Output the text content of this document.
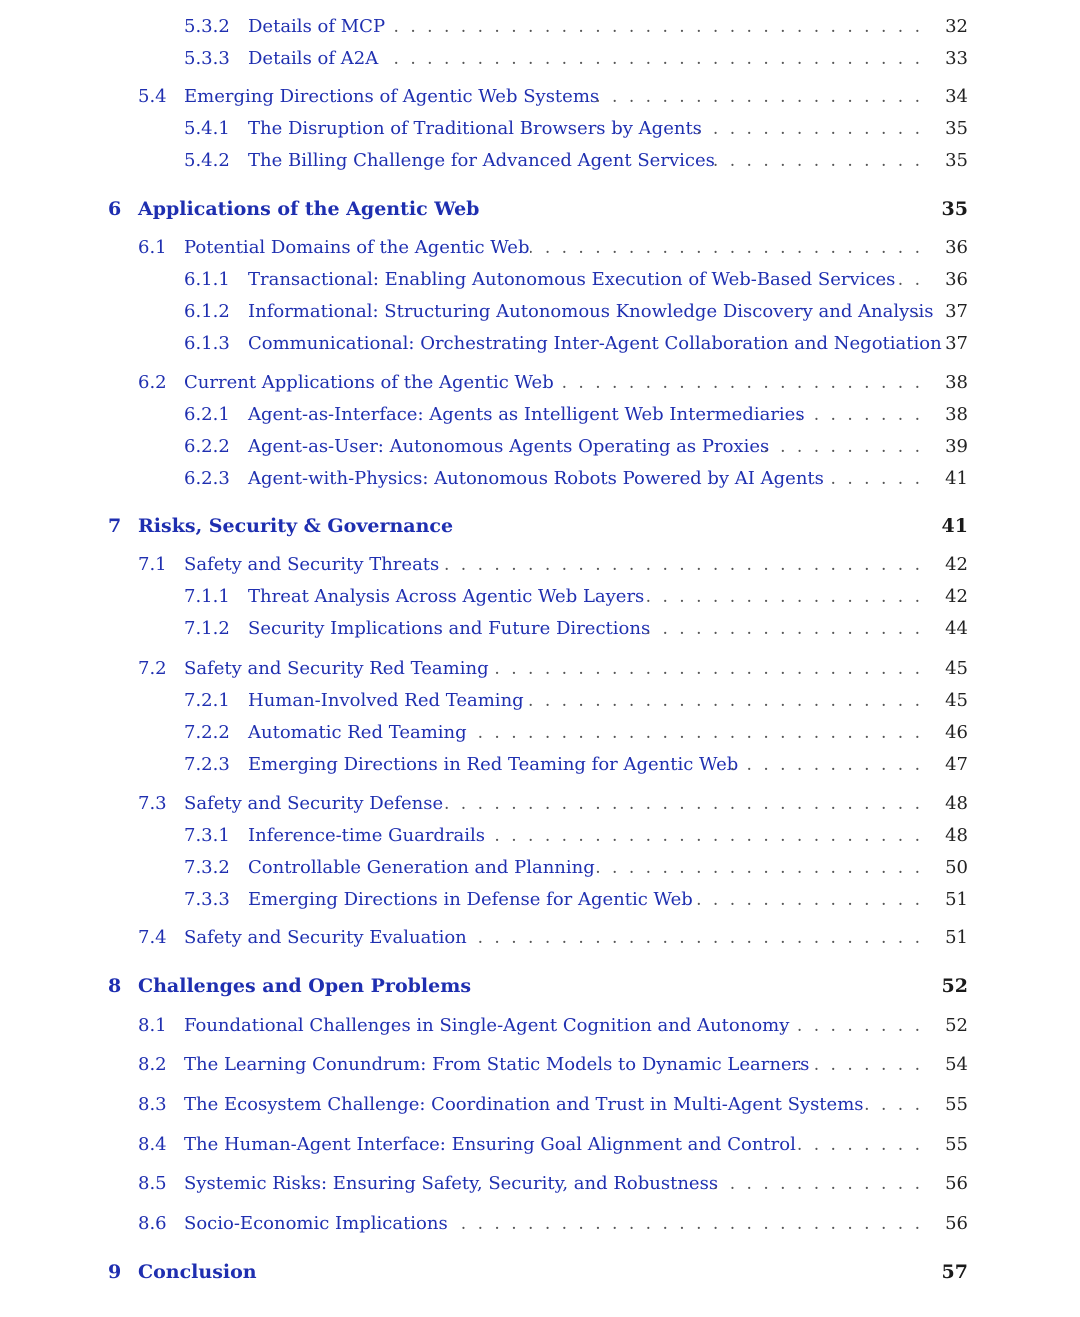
5.3.2 Details of MCP . . .	32
5.3.3 Details of A2A . . .	33
5.4 Emerging Directions of Agentic Web Systems . . .	34
5.4.1 The Disruption of Traditional Browsers by Agents . . .	35
5.4.2 The Billing Challenge for Advanced Agent Services . . .	35
6 Applications of the Agentic Web	35
6.1 Potential Domains of the Agentic Web . . .	36
6.1.1 Transactional: Enabling Autonomous Execution of Web-Based Services . . .	36
6.1.2 Informational: Structuring Autonomous Knowledge Discovery and Analysis . . . 37
6.1.3 Communicational: Orchestrating Inter-Agent Collaboration and Negotiation 37
6.2 Current Applications of the Agentic Web . . .	38
6.2.1 Agent-as-Interface: Agents as Intelligent Web Intermediaries . . .	38
6.2.2 Agent-as-User: Autonomous Agents Operating as Proxies . . .	39
6.2.3 Agent-with-Physics: Autonomous Robots Powered by AI Agents . . .	41
7 Risks, Security & Governance	41
7.1 Safety and Security Threats . . .	42
7.1.1 Threat Analysis Across Agentic Web Layers . . .	42
7.1.2 Security Implications and Future Directions . . .	44
7.2 Safety and Security Red Teaming . . .	45
7.2.1 Human-Involved Red Teaming . . .	45
7.2.2 Automatic Red Teaming . . .	46
7.2.3 Emerging Directions in Red Teaming for Agentic Web . . .	47
7.3 Safety and Security Defense . . .	48
7.3.1 Inference-time Guardrails . . .	48
7.3.2 Controllable Generation and Planning . . .	50
7.3.3 Emerging Directions in Defense for Agentic Web . . .	51
7.4 Safety and Security Evaluation . . .	51
8 Challenges and Open Problems	52
8.1 Foundational Challenges in Single-Agent Cognition and Autonomy . . .	52
8.2 The Learning Conundrum: From Static Models to Dynamic Learners . . .	54
8.3 The Ecosystem Challenge: Coordination and Trust in Multi-Agent Systems . . .	55
8.4 The Human-Agent Interface: Ensuring Goal Alignment and Control . . .	55
8.5 Systemic Risks: Ensuring Safety, Security, and Robustness . . .	56
8.6 Socio-Economic Implications . . .	56
9 Conclusion	57
